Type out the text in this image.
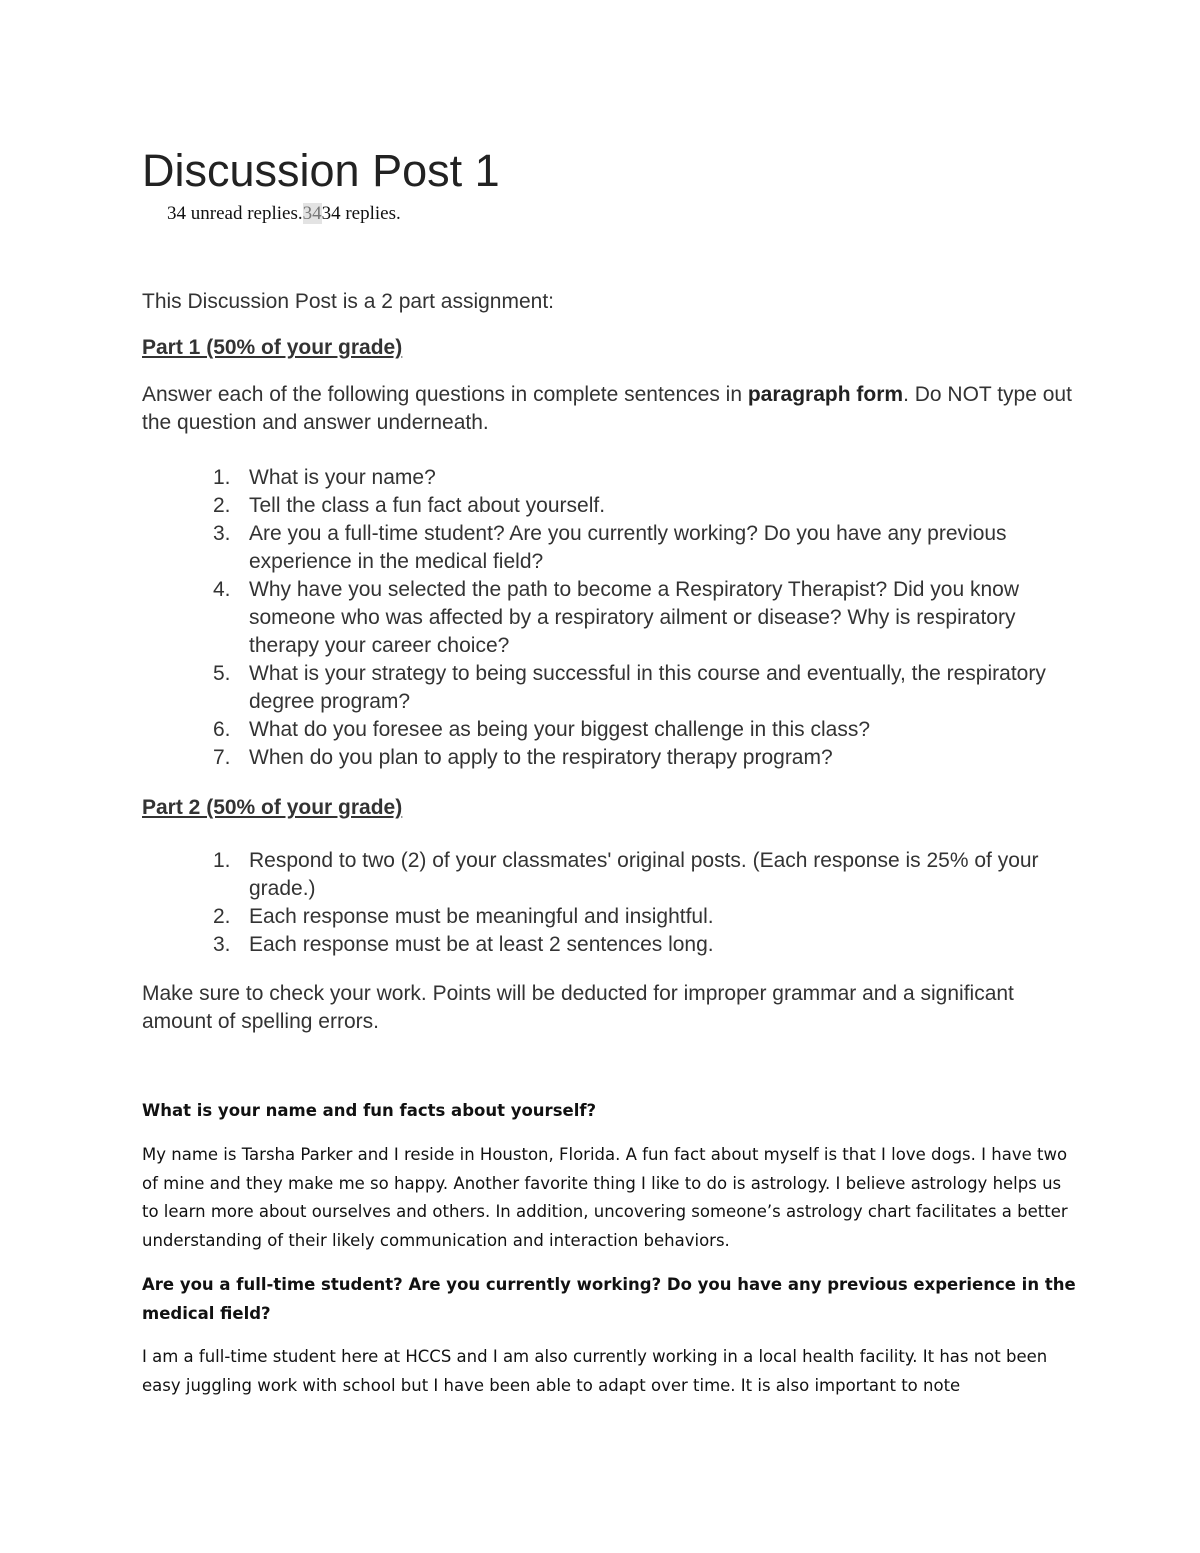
Discussion Post 1
34 unread replies.3434 replies.
This Discussion Post is a 2 part assignment:
Part 1 (50% of your grade)
Answer each of the following questions in complete sentences in paragraph form. Do NOT type out the question and answer underneath.
1. What is your name?
2. Tell the class a fun fact about yourself.
3. Are you a full-time student? Are you currently working? Do you have any previous experience in the medical field?
4. Why have you selected the path to become a Respiratory Therapist? Did you know someone who was affected by a respiratory ailment or disease? Why is respiratory therapy your career choice?
5. What is your strategy to being successful in this course and eventually, the respiratory degree program?
6. What do you foresee as being your biggest challenge in this class?
7. When do you plan to apply to the respiratory therapy program?
Part 2 (50% of your grade)
1. Respond to two (2) of your classmates' original posts. (Each response is 25% of your grade.)
2. Each response must be meaningful and insightful.
3. Each response must be at least 2 sentences long.
Make sure to check your work. Points will be deducted for improper grammar and a significant amount of spelling errors.
What is your name and fun facts about yourself?
My name is Tarsha Parker and I reside in Houston, Florida. A fun fact about myself is that I love dogs. I have two of mine and they make me so happy. Another favorite thing I like to do is astrology. I believe astrology helps us to learn more about ourselves and others. In addition, uncovering someone’s astrology chart facilitates a better understanding of their likely communication and interaction behaviors.
Are you a full-time student? Are you currently working? Do you have any previous experience in the medical field?
I am a full-time student here at HCCS and I am also currently working in a local health facility. It has not been easy juggling work with school but I have been able to adapt over time. It is also important to note
